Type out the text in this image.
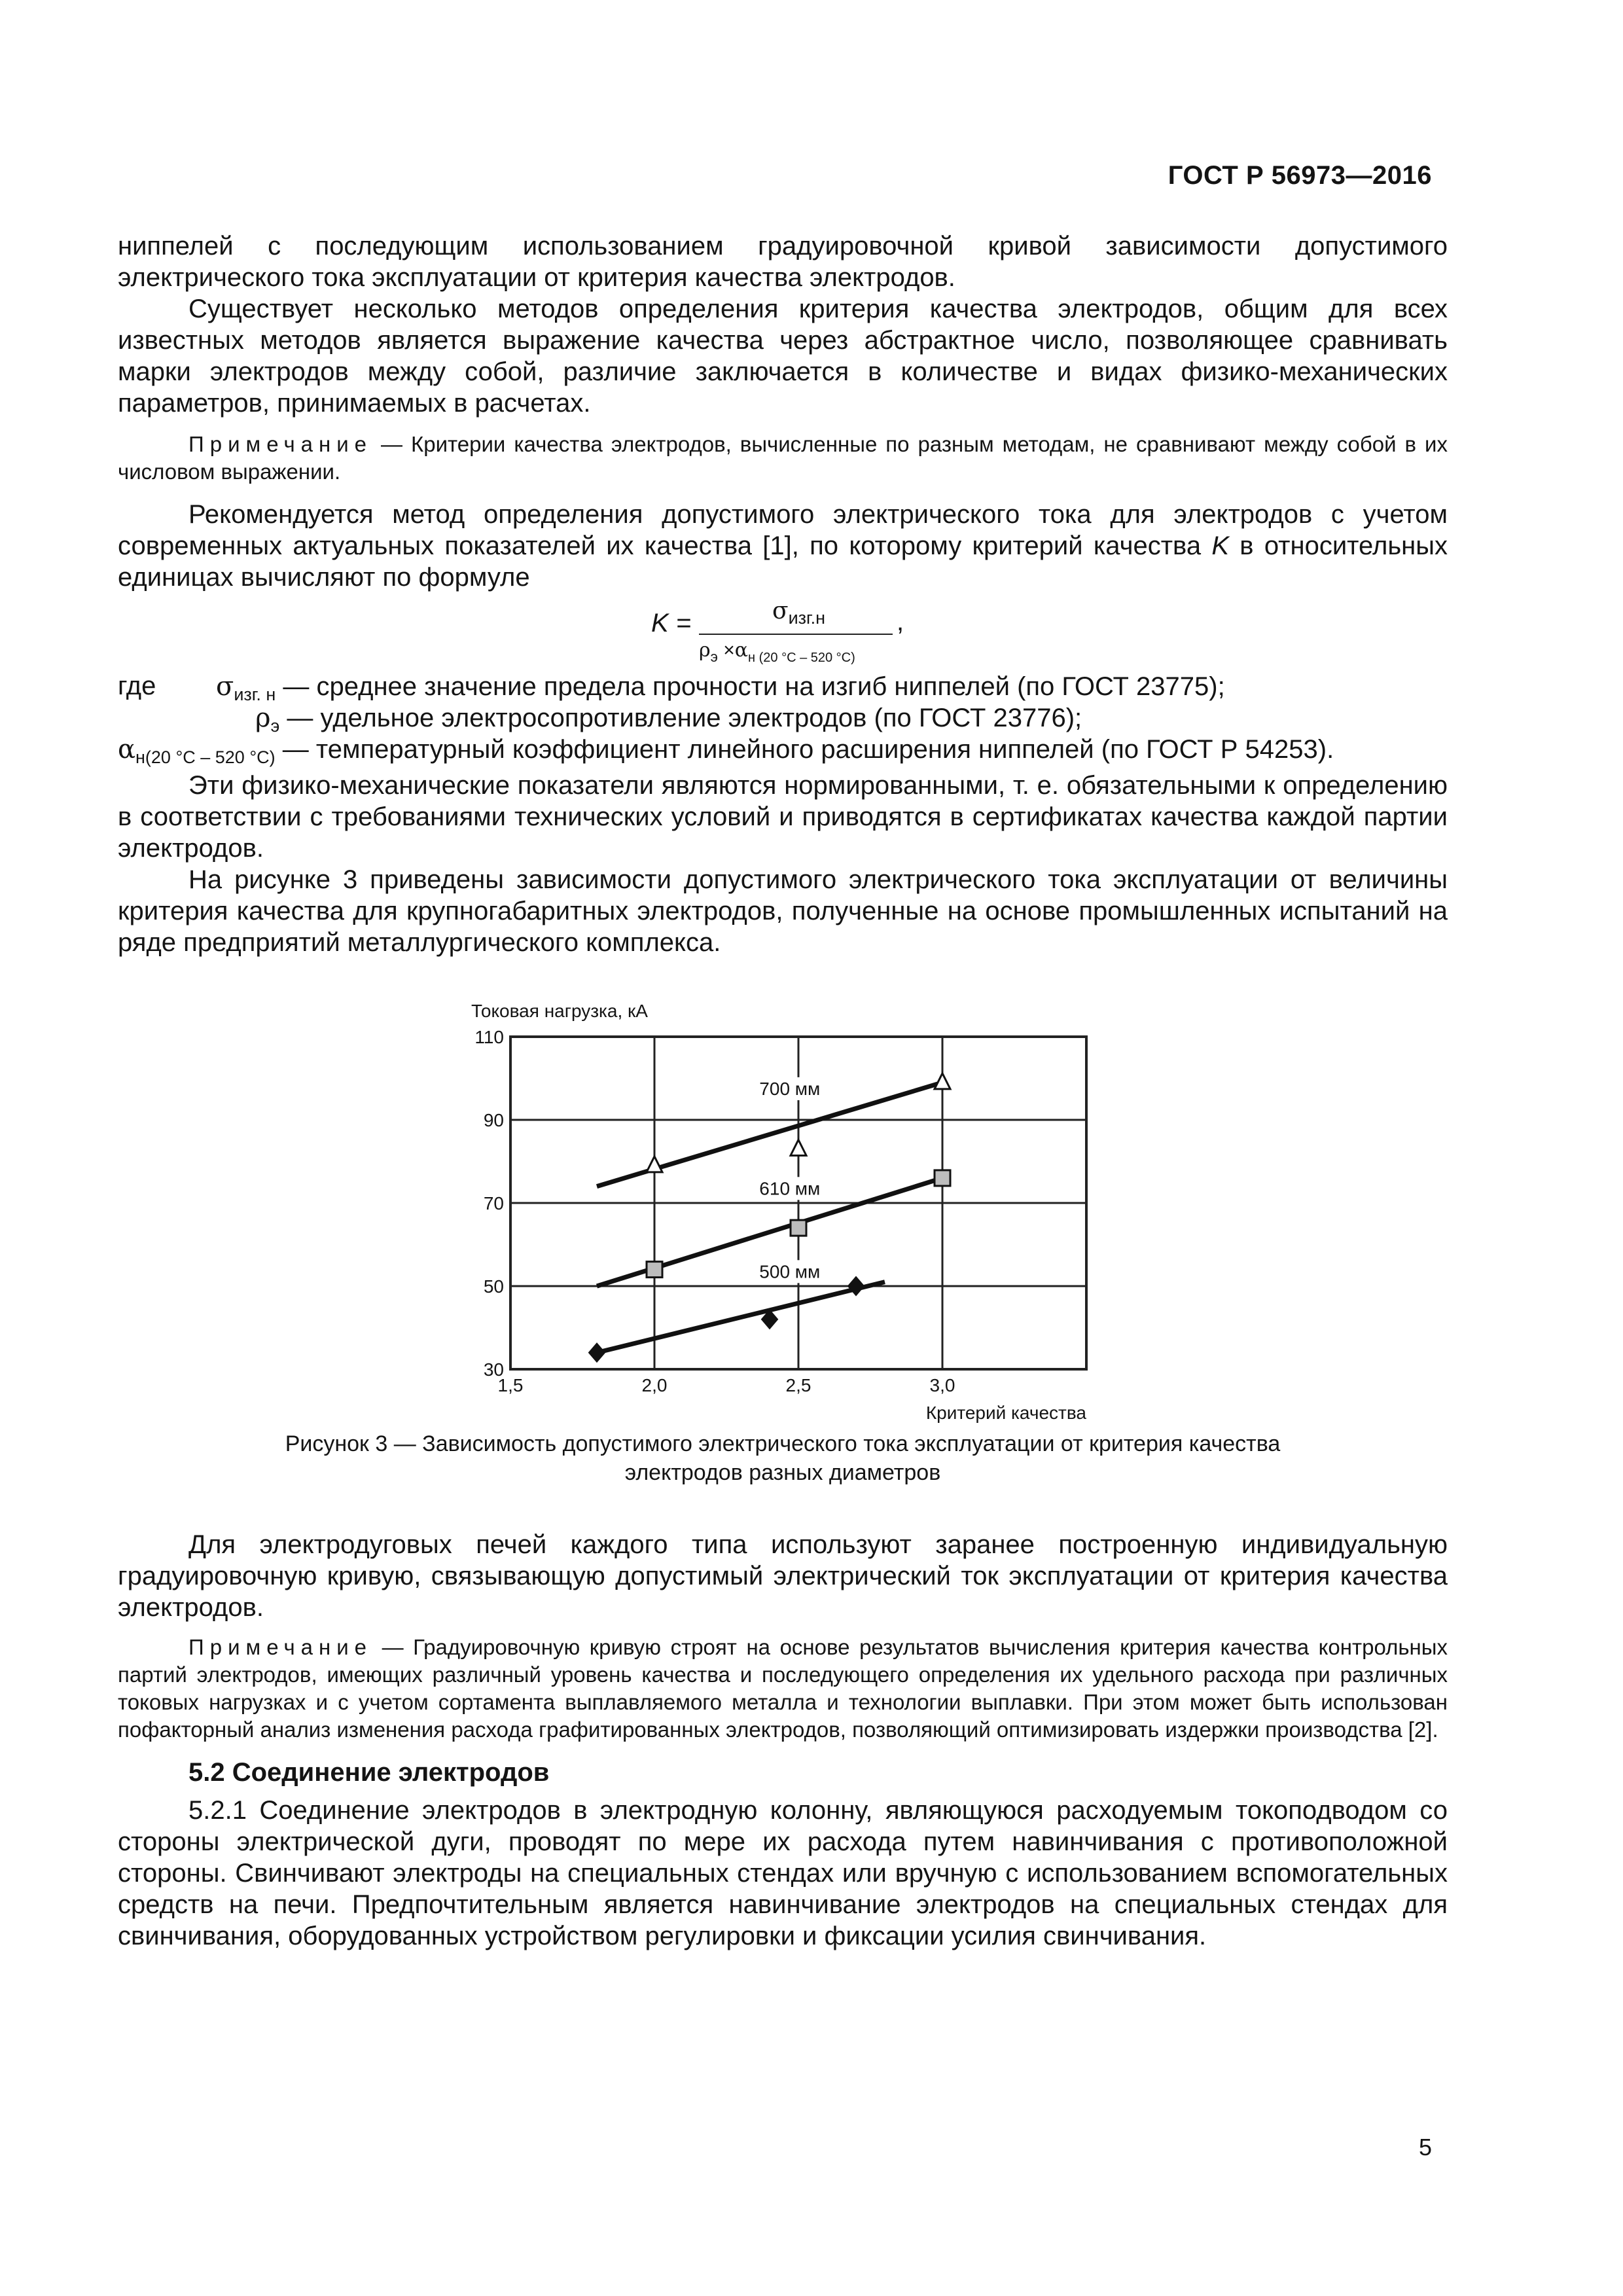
ГОСТ Р 56973—2016

ниппелей с последующим использованием градуировочной кривой зависимости допустимого электрического тока эксплуатации от критерия качества электродов.

Существует несколько методов определения критерия качества электродов, общим для всех известных методов является выражение качества через абстрактное число, позволяющее сравнивать марки электродов между собой, различие заключается в количестве и видах физико-механических параметров, принимаемых в расчетах.

Примечание — Критерии качества электродов, вычисленные по разным методам, не сравнивают между собой в их числовом выражении.

Рекомендуется метод определения допустимого электрического тока для электродов с учетом современных актуальных показателей их качества [1], по которому критерий качества K в относительных единицах вычисляют по формуле

K =	$\sigma_{изг.н}$
$\rho_э \times\alpha_{н (20 ^\circ С - 520 ^\circ С)}$
,
где $\sigma_{изг. н}$ — среднее значение предела прочности на изгиб ниппелей (по ГОСТ 23775);
$\rho_э$ — удельное электросопротивление электродов (по ГОСТ 23776);
$\alpha_{н(20 ^\circ С - 520 ^\circ С)}$ — температурный коэффициент линейного расширения ниппелей (по ГОСТ Р 54253).

Эти физико-механические показатели являются нормированными, т. е. обязательными к определению в соответствии с требованиями технических условий и приводятся в сертификатах качества каждой партии электродов.

На рисунке 3 приведены зависимости допустимого электрического тока эксплуатации от величины критерия качества для крупногабаритных электродов, полученные на основе промышленных испытаний на ряде предприятий металлургического комплекса.

110
90
70
50
30
1,5	2,0	2,5	3,0
Токовая нагрузка, кА
Критерий качества
700 мм
610 мм
500 мм

Рисунок 3 — Зависимость допустимого электрического тока эксплуатации от критерия качества

электродов разных диаметров

Для электродуговых печей каждого типа используют заранее построенную индивидуальную градуировочную кривую, связывающую допустимый электрический ток эксплуатации от критерия качества электродов.

Примечание — Градуировочную кривую строят на основе результатов вычисления критерия качества контрольных партий электродов, имеющих различный уровень качества и последующего определения их удельного расхода при различных токовых нагрузках и с учетом сортамента выплавляемого металла и технологии выплавки. При этом может быть использован пофакторный анализ изменения расхода графитированных электродов, позволяющий оптимизировать издержки производства [2].

5.2 Соединение электродов

5.2.1 Соединение электродов в электродную колонну, являющуюся расходуемым токоподводом со стороны электрической дуги, проводят по мере их расхода путем навинчивания с противоположной стороны. Свинчивают электроды на специальных стендах или вручную с использованием вспомогательных средств на печи. Предпочтительным является навинчивание электродов на специальных стендах для свинчивания, оборудованных устройством регулировки и фиксации усилия свинчивания.

5
